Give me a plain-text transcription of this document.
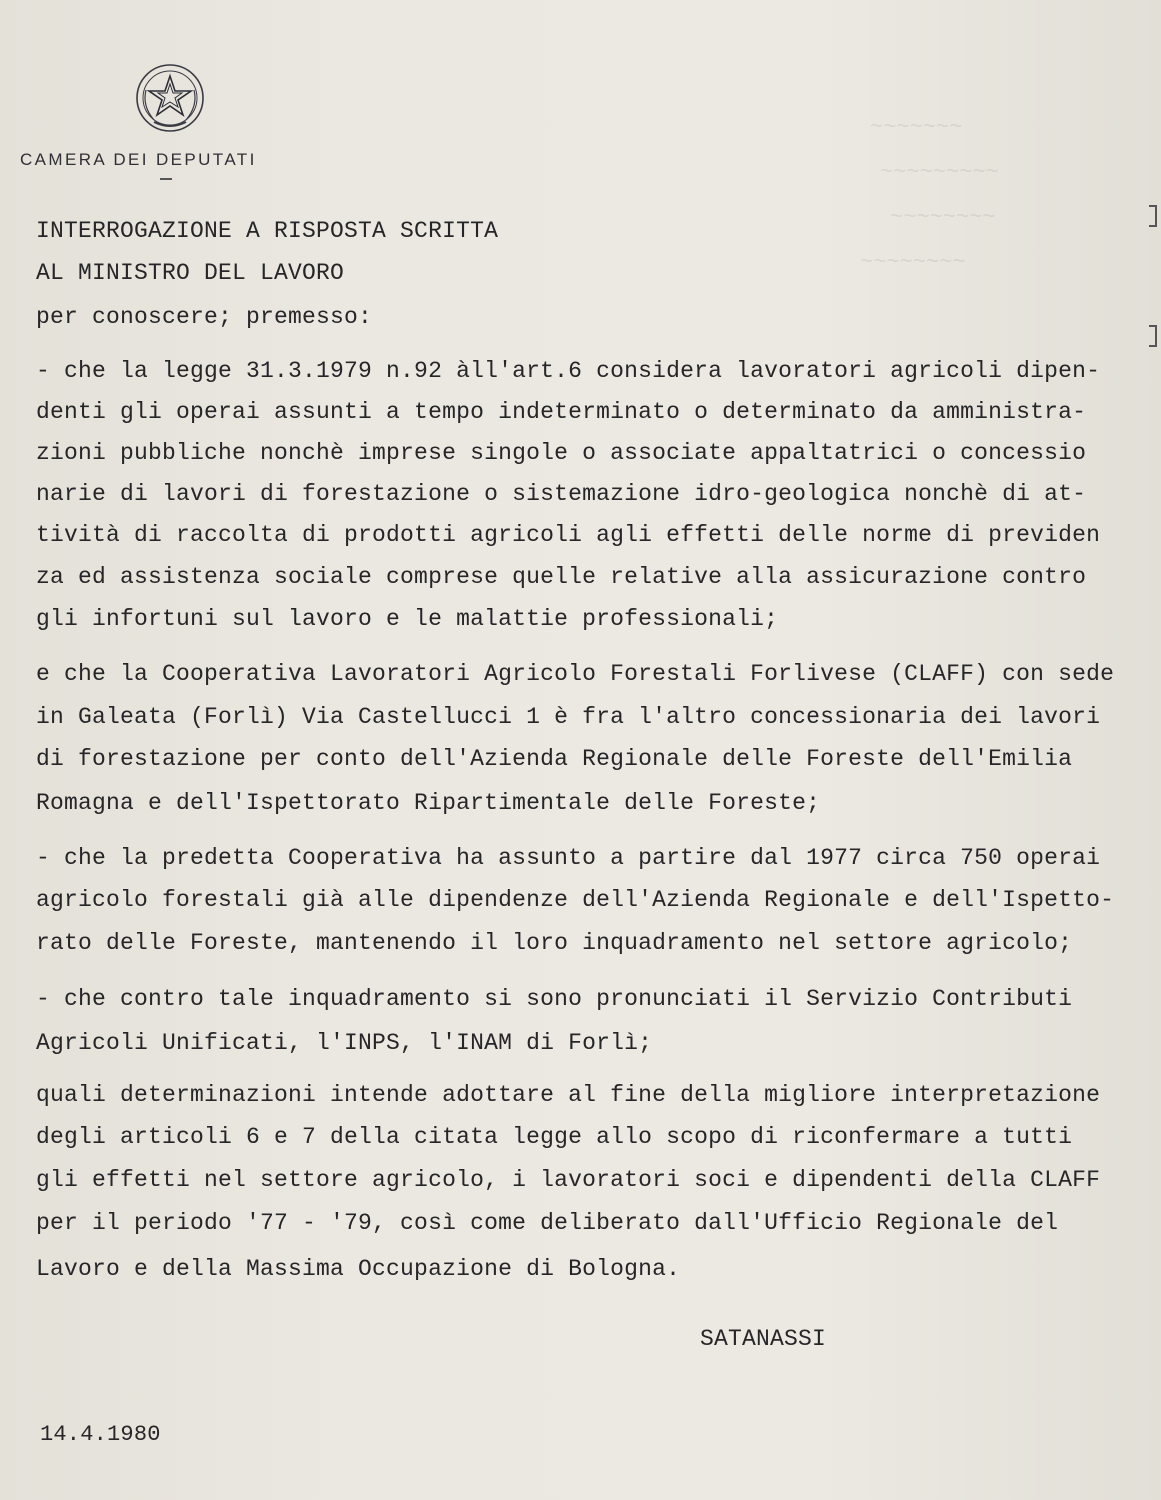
~~~~~~~
~~~~~~~~~
~~~~~~~~
~~~~~~~~
CAMERA DEI DEPUTATI
INTERROGAZIONE A RISPOSTA SCRITTA
AL MINISTRO DEL LAVORO
per conoscere; premesso:
- che la legge 31.3.1979 n.92 àll'art.6 considera lavoratori agricoli dipen-
denti gli operai assunti a tempo indeterminato o determinato da amministra-
zioni pubbliche nonchè imprese singole o associate appaltatrici o concessio
narie di lavori di forestazione o sistemazione idro-geologica nonchè di at-
tività di raccolta di prodotti agricoli agli effetti delle norme di previden
za ed assistenza sociale comprese quelle relative alla assicurazione contro
gli infortuni sul lavoro e le malattie professionali;
e che la Cooperativa Lavoratori Agricolo Forestali Forlivese (CLAFF) con sede
in Galeata (Forlì) Via Castellucci 1 è fra l'altro concessionaria dei lavori
di forestazione per conto dell'Azienda Regionale delle Foreste dell'Emilia
Romagna e dell'Ispettorato Ripartimentale delle Foreste;
- che la predetta Cooperativa ha assunto a partire dal 1977 circa 750 operai
agricolo forestali già alle dipendenze dell'Azienda Regionale e dell'Ispetto-
rato delle Foreste, mantenendo il loro inquadramento nel settore agricolo;
- che contro tale inquadramento si sono pronunciati il Servizio Contributi
Agricoli Unificati, l'INPS, l'INAM di Forlì;
quali determinazioni intende adottare al fine della migliore interpretazione
degli articoli 6 e 7 della citata legge allo scopo di riconfermare a tutti
gli effetti nel settore agricolo, i lavoratori soci e dipendenti della CLAFF
per il periodo '77 - '79, così come deliberato dall'Ufficio Regionale del
Lavoro e della Massima Occupazione di Bologna.
SATANASSI
14.4.1980
